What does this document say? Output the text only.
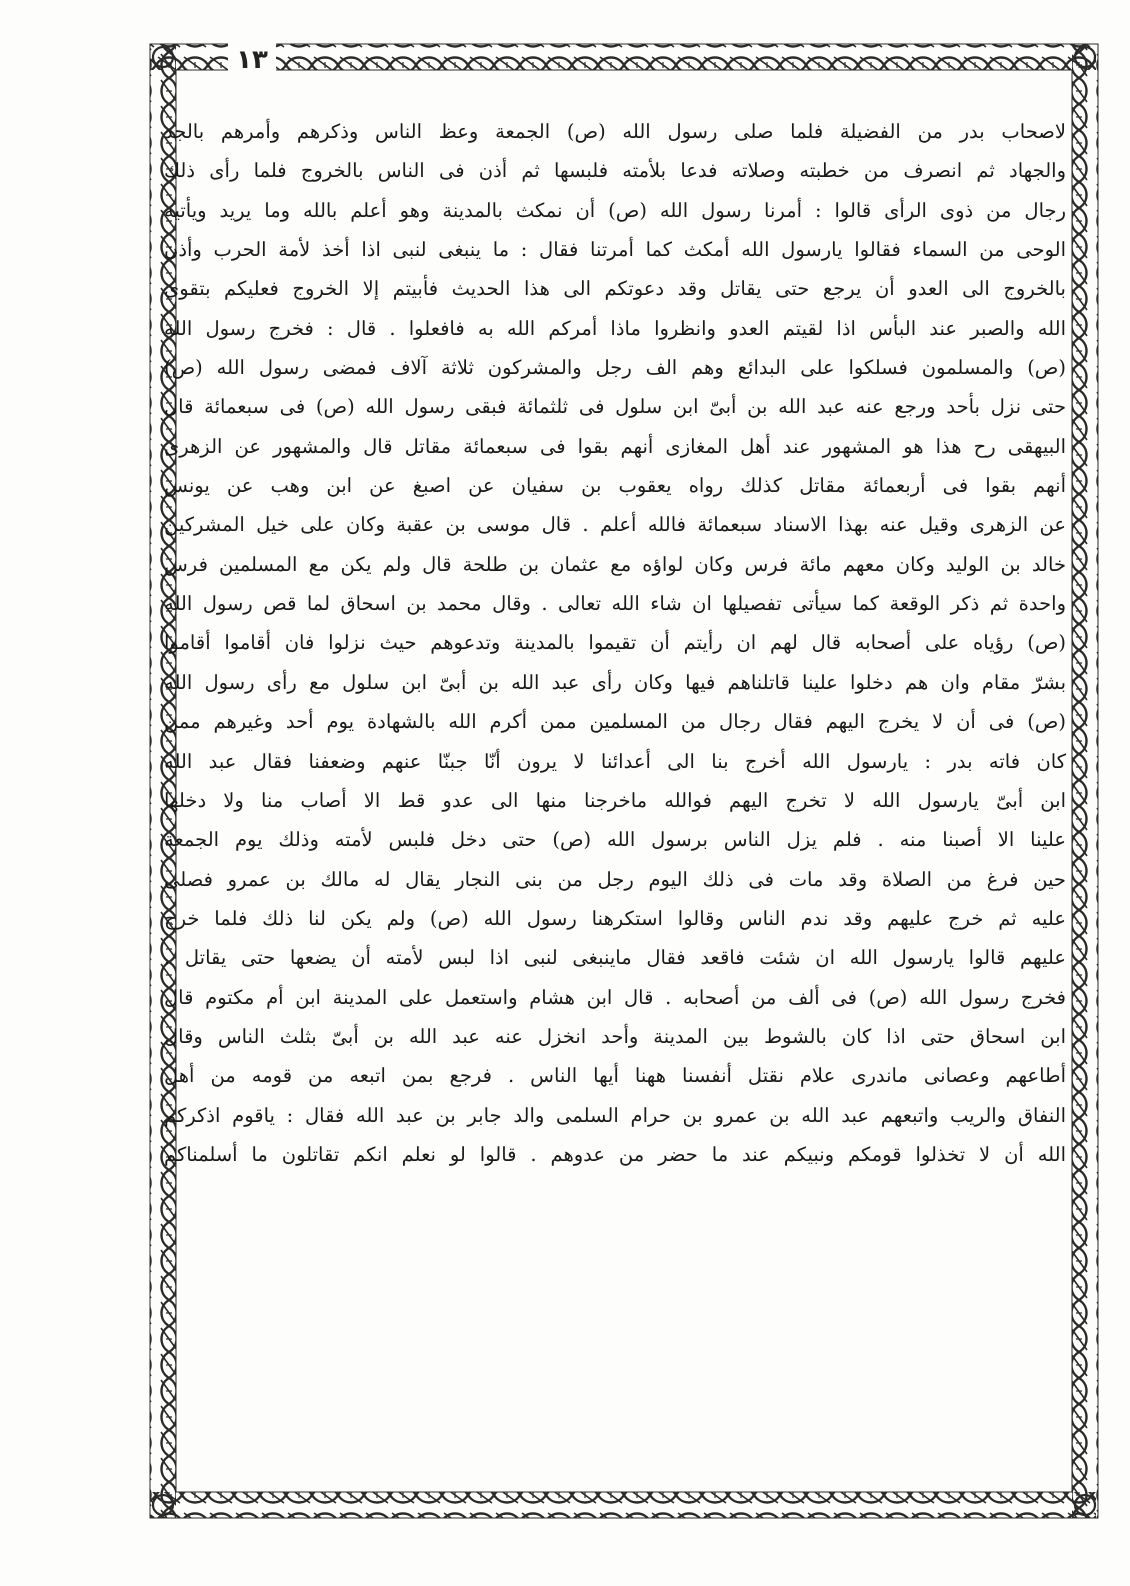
١٣
لاصحاب بدر من الفضيلة فلما صلى رسول الله (ص) الجمعة وعظ الناس وذكرهم وأمرهم بالجد
والجهاد ثم انصرف من خطبته وصلاته فدعا بلأمته فلبسها ثم أذن فى الناس بالخروج فلما رأى ذلك
رجال من ذوى الرأى قالوا : أمرنا رسول الله (ص) أن نمكث بالمدينة وهو أعلم بالله وما يريد ويأتيه
الوحى من السماء فقالوا يارسول الله أمكث كما أمرتنا فقال : ما ينبغى لنبى اذا أخذ لأمة الحرب وأذن
بالخروج الى العدو أن يرجع حتى يقاتل وقد دعوتكم الى هذا الحديث فأبيتم إلا الخروج فعليكم بتقوى
الله والصبر عند البأس اذا لقيتم العدو وانظروا ماذا أمركم الله به فافعلوا . قال : فخرج رسول الله
(ص) والمسلمون فسلكوا على البدائع وهم الف رجل والمشركون ثلاثة آلاف فمضى رسول الله (ص)
حتى نزل بأحد ورجع عنه عبد الله بن أبىّ ابن سلول فى ثلثمائة فبقى رسول الله (ص) فى سبعمائة قال
البيهقى رح هذا هو المشهور عند أهل المغازى أنهم بقوا فى سبعمائة مقاتل قال والمشهور عن الزهرى
أنهم بقوا فى أربعمائة مقاتل كذلك رواه يعقوب بن سفيان عن اصبغ عن ابن وهب عن يونس
عن الزهرى وقيل عنه بهذا الاسناد سبعمائة فالله أعلم . قال موسى بن عقبة وكان على خيل المشركين
خالد بن الوليد وكان معهم مائة فرس وكان لواؤه مع عثمان بن طلحة قال ولم يكن مع المسلمين فرس
واحدة ثم ذكر الوقعة كما سيأتى تفصيلها ان شاء الله تعالى . وقال محمد بن اسحاق لما قص رسول الله
(ص) رؤياه على أصحابه قال لهم ان رأيتم أن تقيموا بالمدينة وتدعوهم حيث نزلوا فان أقاموا أقاموا
بشرّ مقام وان هم دخلوا علينا قاتلناهم فيها وكان رأى عبد الله بن أبىّ ابن سلول مع رأى رسول الله
(ص) فى أن لا يخرج اليهم فقال رجال من المسلمين ممن أكرم الله بالشهادة يوم أحد وغيرهم ممن
كان فاته بدر : يارسول الله أخرج بنا الى أعدائنا لا يرون أنّا جبنّا عنهم وضعفنا فقال عبد الله
ابن أبىّ يارسول الله لا تخرج اليهم فوالله ماخرجنا منها الى عدو قط الا أصاب منا ولا دخلها
علينا الا أصبنا منه . فلم يزل الناس برسول الله (ص) حتى دخل فلبس لأمته وذلك يوم الجمعة
حين فرغ من الصلاة وقد مات فى ذلك اليوم رجل من بنى النجار يقال له مالك بن عمرو فصلى
عليه ثم خرج عليهم وقد ندم الناس وقالوا استكرهنا رسول الله (ص) ولم يكن لنا ذلك فلما خرج
عليهم قالوا يارسول الله ان شئت فاقعد فقال ماينبغى لنبى اذا لبس لأمته أن يضعها حتى يقاتل .
فخرج رسول الله (ص) فى ألف من أصحابه . قال ابن هشام واستعمل على المدينة ابن أم مكتوم قال
ابن اسحاق حتى اذا كان بالشوط بين المدينة وأحد انخزل عنه عبد الله بن أبىّ بثلث الناس وقال
أطاعهم وعصانى ماندرى علام نقتل أنفسنا ههنا أيها الناس . فرجع بمن اتبعه من قومه من أهل
النفاق والريب واتبعهم عبد الله بن عمرو بن حرام السلمى والد جابر بن عبد الله فقال : ياقوم اذكركم
الله أن لا تخذلوا قومكم ونبيكم عند ما حضر من عدوهم . قالوا لو نعلم انكم تقاتلون ما أسلمناكم
